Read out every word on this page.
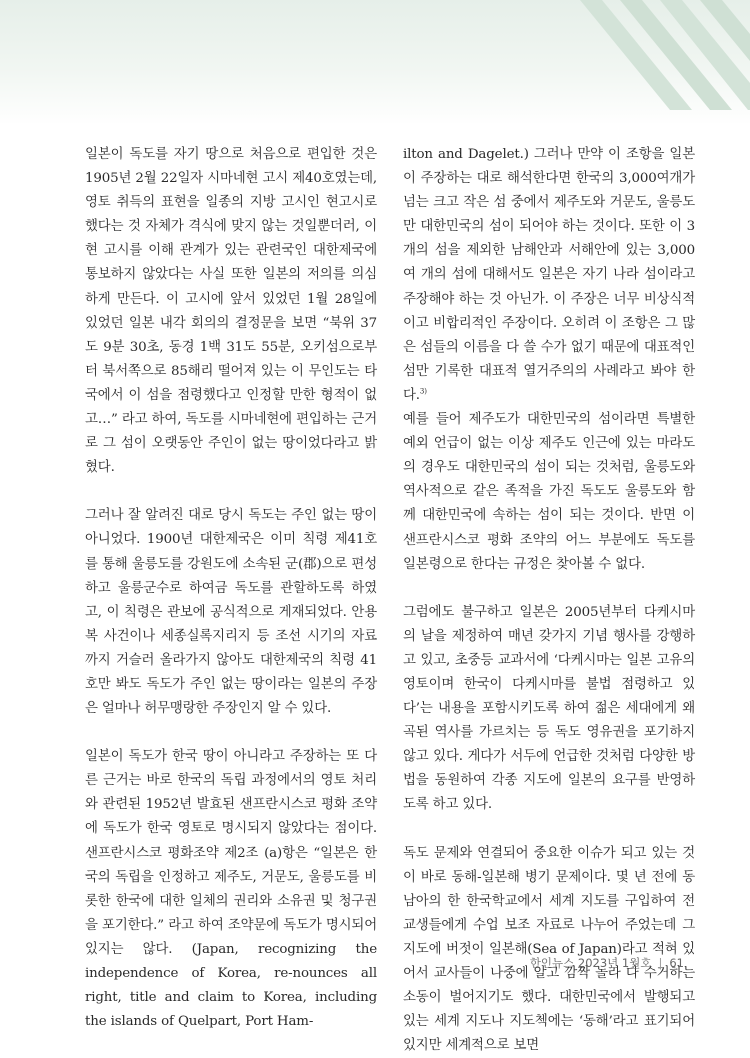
일본이 독도를 자기 땅으로 처음으로 편입한 것은 1905년 2월 22일자 시마네현 고시 제40호였는데, 영토 취득의 표현을 일종의 지방 고시인 현고시로 했다는 것 자체가 격식에 맞지 않는 것일뿐더러, 이 현 고시를 이해 관계가 있는 관련국인 대한제국에 통보하지 않았다는 사실 또한 일본의 저의를 의심하게 만든다. 이 고시에 앞서 있었던 1월 28일에 있었던 일본 내각 회의의 결정문을 보면 “북위 37도 9분 30초, 동경 1백 31도 55분, 오키섬으로부터 북서쪽으로 85해리 떨어져 있는 이 무인도는 타국에서 이 섬을 점령했다고 인정할 만한 형적이 없고…” 라고 하여, 독도를 시마네현에 편입하는 근거로 그 섬이 오랫동안 주인이 없는 땅이었다라고 밝혔다.

그러나 잘 알려진 대로 당시 독도는 주인 없는 땅이 아니었다. 1900년 대한제국은 이미 칙령 제41호를 통해 울릉도를 강원도에 소속된 군(郡)으로 편성하고 울릉군수로 하여금 독도를 관할하도록 하였고, 이 칙령은 관보에 공식적으로 게재되었다. 안용복 사건이나 세종실록지리지 등 조선 시기의 자료까지 거슬러 올라가지 않아도 대한제국의 칙령 41호만 봐도 독도가 주인 없는 땅이라는 일본의 주장은 얼마나 허무맹랑한 주장인지 알 수 있다.

일본이 독도가 한국 땅이 아니라고 주장하는 또 다른 근거는 바로 한국의 독립 과정에서의 영토 처리와 관련된 1952년 발효된 샌프란시스코 평화 조약에 독도가 한국 영토로 명시되지 않았다는 점이다. 샌프란시스코 평화조약 제2조 (a)항은 “일본은 한국의 독립을 인정하고 제주도, 거문도, 울릉도를 비롯한 한국에 대한 일체의 권리와 소유권 및 청구권을 포기한다.” 라고 하여 조약문에 독도가 명시되어 있지는 않다. (Japan, recognizing the independence of Korea, re-nounces all right, title and claim to Korea, including the islands of Quelpart, Port Ham-

ilton and Dagelet.) 그러나 만약 이 조항을 일본이 주장하는 대로 해석한다면 한국의 3,000여개가 넘는 크고 작은 섬 중에서 제주도와 거문도, 울릉도만 대한민국의 섬이 되어야 하는 것이다. 또한 이 3개의 섬을 제외한 남해안과 서해안에 있는 3,000여 개의 섬에 대해서도 일본은 자기 나라 섬이라고 주장해야 하는 것 아닌가. 이 주장은 너무 비상식적이고 비합리적인 주장이다. 오히려 이 조항은 그 많은 섬들의 이름을 다 쓸 수가 없기 때문에 대표적인 섬만 기록한 대표적 열거주의의 사례라고 봐야 한다.$^{3)}$

예를 들어 제주도가 대한민국의 섬이라면 특별한 예외 언급이 없는 이상 제주도 인근에 있는 마라도의 경우도 대한민국의 섬이 되는 것처럼, 울릉도와 역사적으로 같은 족적을 가진 독도도 울릉도와 함께 대한민국에 속하는 섬이 되는 것이다. 반면 이 샌프란시스코 평화 조약의 어느 부분에도 독도를 일본령으로 한다는 규정은 찾아볼 수 없다.

그럼에도 불구하고 일본은 2005년부터 다케시마의 날을 제정하여 매년 갖가지 기념 행사를 강행하고 있고, 초중등 교과서에 ‘다케시마는 일본 고유의 영토이며 한국이 다케시마를 불법 점령하고 있다’는 내용을 포함시키도록 하여 젊은 세대에게 왜곡된 역사를 가르치는 등 독도 영유권을 포기하지 않고 있다. 게다가 서두에 언급한 것처럼 다양한 방법을 동원하여 각종 지도에 일본의 요구를 반영하도록 하고 있다.

독도 문제와 연결되어 중요한 이슈가 되고 있는 것이 바로 동해-일본해 병기 문제이다. 몇 년 전에 동남아의 한 한국학교에서 세계 지도를 구입하여 전교생들에게 수업 보조 자료로 나누어 주었는데 그 지도에 버젓이 일본해(Sea of Japan)라고 적혀 있어서 교사들이 나중에 알고 깜짝 놀라 다 수거하는 소동이 벌어지기도 했다. 대한민국에서 발행되고 있는 세계 지도나 지도첵에는 ‘동해’라고 표기되어 있지만 세계적으로 보면

한인뉴스 2023년 1월호 | 61
